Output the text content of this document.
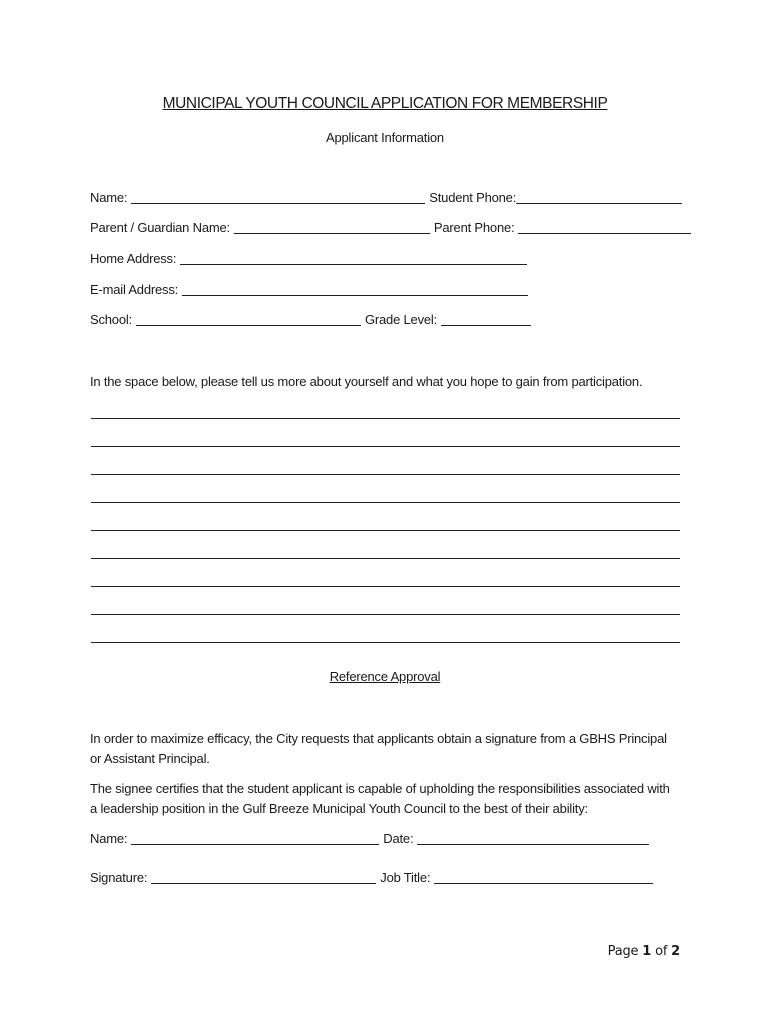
MUNICIPAL YOUTH COUNCIL APPLICATION FOR MEMBERSHIP
Applicant Information
Name:	Student Phone:
Parent / Guardian Name:	Parent Phone:
Home Address:
E-mail Address:
School:	Grade Level:
In the space below, please tell us more about yourself and what you hope to gain from participation.
Reference Approval

In order to maximize efficacy, the City requests that applicants obtain a signature from a GBHS Principal or Assistant Principal.

The signee certifies that the student applicant is capable of upholding the responsibilities associated with a leadership position in the Gulf Breeze Municipal Youth Council to the best of their ability:

Name:	Date:
Signature:	Job Title:
Page 1 of 2
